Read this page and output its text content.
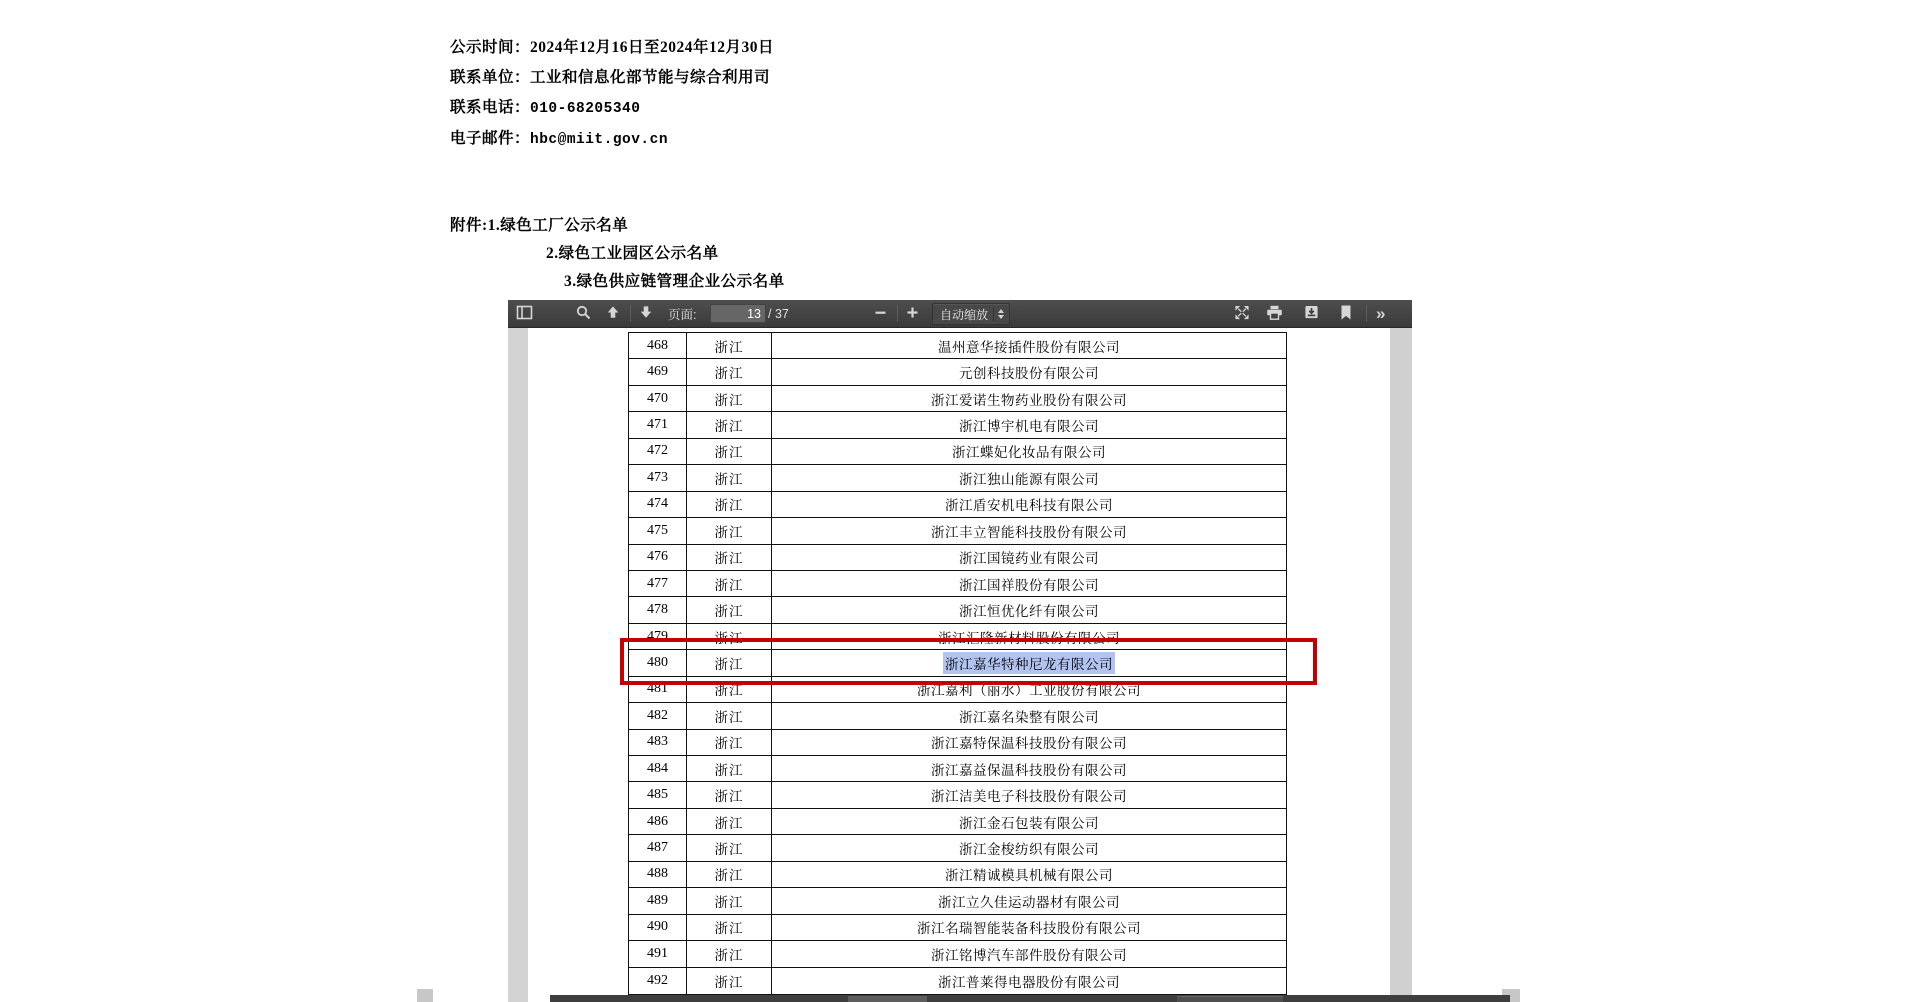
公示时间：2024年12月16日至2024年12月30日
联系单位：工业和信息化部节能与综合利用司
联系电话：010-68205340
电子邮件：hbc@miit.gov.cn
附件:1.绿色工厂公示名单
2.绿色工业园区公示名单
3.绿色供应链管理企业公示名单
页面:
13	/ 37	自动缩放	»
468	浙江	温州意华接插件股份有限公司
469	浙江	元创科技股份有限公司
470	浙江	浙江爱诺生物药业股份有限公司
471	浙江	浙江博宇机电有限公司
472	浙江	浙江蝶妃化妆品有限公司
473	浙江	浙江独山能源有限公司
474	浙江	浙江盾安机电科技有限公司
475	浙江	浙江丰立智能科技股份有限公司
476	浙江	浙江国镜药业有限公司
477	浙江	浙江国祥股份有限公司
478	浙江	浙江恒优化纤有限公司
479	浙江	浙江汇隆新材料股份有限公司
480	浙江	浙江嘉华特种尼龙有限公司
481	浙江	浙江嘉利（丽水）工业股份有限公司
482	浙江	浙江嘉名染整有限公司
483	浙江	浙江嘉特保温科技股份有限公司
484	浙江	浙江嘉益保温科技股份有限公司
485	浙江	浙江洁美电子科技股份有限公司
486	浙江	浙江金石包装有限公司
487	浙江	浙江金梭纺织有限公司
488	浙江	浙江精诚模具机械有限公司
489	浙江	浙江立久佳运动器材有限公司
490	浙江	浙江名瑞智能装备科技股份有限公司
491	浙江	浙江铭博汽车部件股份有限公司
492	浙江	浙江普莱得电器股份有限公司
